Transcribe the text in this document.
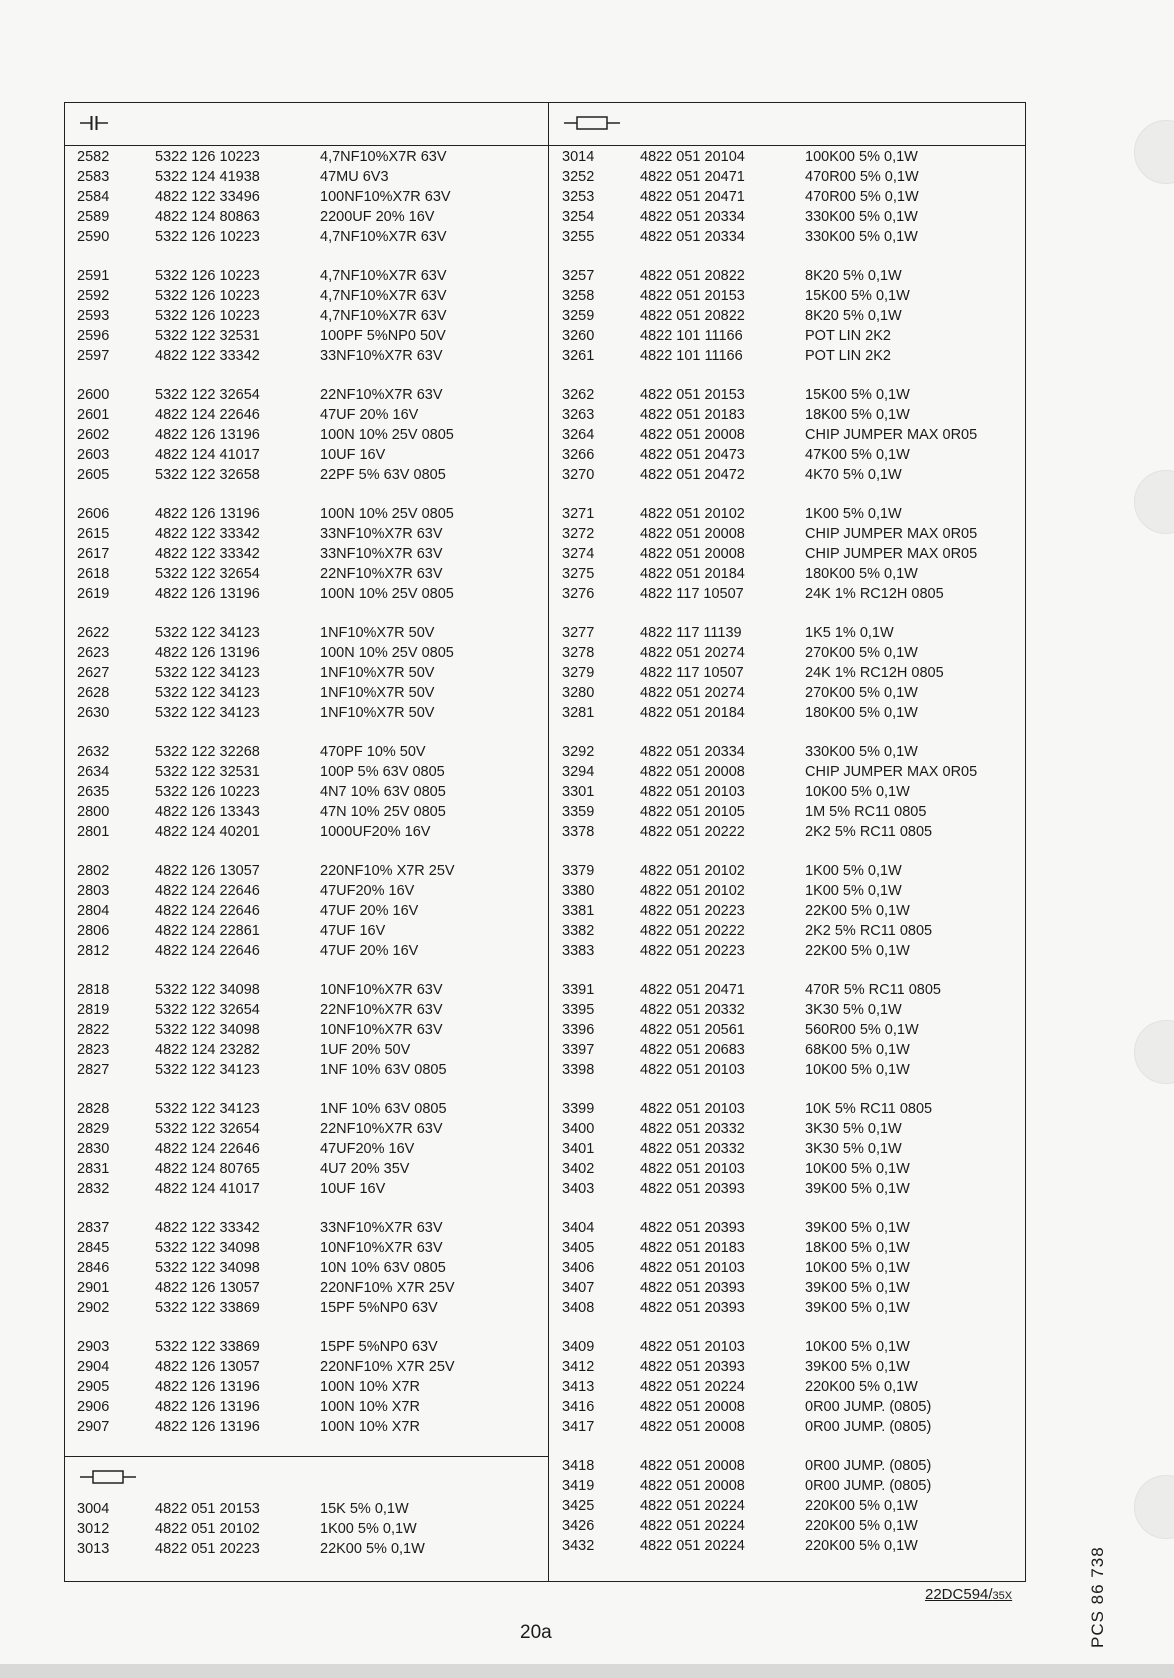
2582	5322 126 10223	4,7NF10%X7R 63V
2583	5322 124 41938	47MU 6V3
2584	4822 122 33496	100NF10%X7R 63V
2589	4822 124 80863	2200UF 20% 16V
2590	5322 126 10223	4,7NF10%X7R 63V
2591	5322 126 10223	4,7NF10%X7R 63V
2592	5322 126 10223	4,7NF10%X7R 63V
2593	5322 126 10223	4,7NF10%X7R 63V
2596	5322 122 32531	100PF 5%NP0 50V
2597	4822 122 33342	33NF10%X7R 63V
2600	5322 122 32654	22NF10%X7R 63V
2601	4822 124 22646	47UF 20% 16V
2602	4822 126 13196	100N 10% 25V 0805
2603	4822 124 41017	10UF 16V
2605	5322 122 32658	22PF 5% 63V 0805
2606	4822 126 13196	100N 10% 25V 0805
2615	4822 122 33342	33NF10%X7R 63V
2617	4822 122 33342	33NF10%X7R 63V
2618	5322 122 32654	22NF10%X7R 63V
2619	4822 126 13196	100N 10% 25V 0805
2622	5322 122 34123	1NF10%X7R 50V
2623	4822 126 13196	100N 10% 25V 0805
2627	5322 122 34123	1NF10%X7R 50V
2628	5322 122 34123	1NF10%X7R 50V
2630	5322 122 34123	1NF10%X7R 50V
2632	5322 122 32268	470PF 10% 50V
2634	5322 122 32531	100P 5% 63V 0805
2635	5322 126 10223	4N7 10% 63V 0805
2800	4822 126 13343	47N 10% 25V 0805
2801	4822 124 40201	1000UF20% 16V
2802	4822 126 13057	220NF10% X7R 25V
2803	4822 124 22646	47UF20% 16V
2804	4822 124 22646	47UF 20% 16V
2806	4822 124 22861	47UF 16V
2812	4822 124 22646	47UF 20% 16V
2818	5322 122 34098	10NF10%X7R 63V
2819	5322 122 32654	22NF10%X7R 63V
2822	5322 122 34098	10NF10%X7R 63V
2823	4822 124 23282	1UF 20% 50V
2827	5322 122 34123	1NF 10% 63V 0805
2828	5322 122 34123	1NF 10% 63V 0805
2829	5322 122 32654	22NF10%X7R 63V
2830	4822 124 22646	47UF20% 16V
2831	4822 124 80765	4U7 20% 35V
2832	4822 124 41017	10UF 16V
2837	4822 122 33342	33NF10%X7R 63V
2845	5322 122 34098	10NF10%X7R 63V
2846	5322 122 34098	10N 10% 63V 0805
2901	4822 126 13057	220NF10% X7R 25V
2902	5322 122 33869	15PF 5%NP0 63V
2903	5322 122 33869	15PF 5%NP0 63V
2904	4822 126 13057	220NF10% X7R 25V
2905	4822 126 13196	100N 10% X7R
2906	4822 126 13196	100N 10% X7R
2907	4822 126 13196	100N 10% X7R
3004	4822 051 20153	15K 5% 0,1W
3012	4822 051 20102	1K00 5% 0,1W
3013	4822 051 20223	22K00 5% 0,1W
3014	4822 051 20104	100K00 5% 0,1W
3252	4822 051 20471	470R00 5% 0,1W
3253	4822 051 20471	470R00 5% 0,1W
3254	4822 051 20334	330K00 5% 0,1W
3255	4822 051 20334	330K00 5% 0,1W
3257	4822 051 20822	8K20 5% 0,1W
3258	4822 051 20153	15K00 5% 0,1W
3259	4822 051 20822	8K20 5% 0,1W
3260	4822 101 11166	POT LIN 2K2
3261	4822 101 11166	POT LIN 2K2
3262	4822 051 20153	15K00 5% 0,1W
3263	4822 051 20183	18K00 5% 0,1W
3264	4822 051 20008	CHIP JUMPER MAX 0R05
3266	4822 051 20473	47K00 5% 0,1W
3270	4822 051 20472	4K70 5% 0,1W
3271	4822 051 20102	1K00 5% 0,1W
3272	4822 051 20008	CHIP JUMPER MAX 0R05
3274	4822 051 20008	CHIP JUMPER MAX 0R05
3275	4822 051 20184	180K00 5% 0,1W
3276	4822 117 10507	24K 1% RC12H 0805
3277	4822 117 11139	1K5 1% 0,1W
3278	4822 051 20274	270K00 5% 0,1W
3279	4822 117 10507	24K 1% RC12H 0805
3280	4822 051 20274	270K00 5% 0,1W
3281	4822 051 20184	180K00 5% 0,1W
3292	4822 051 20334	330K00 5% 0,1W
3294	4822 051 20008	CHIP JUMPER MAX 0R05
3301	4822 051 20103	10K00 5% 0,1W
3359	4822 051 20105	1M 5% RC11 0805
3378	4822 051 20222	2K2 5% RC11 0805
3379	4822 051 20102	1K00 5% 0,1W
3380	4822 051 20102	1K00 5% 0,1W
3381	4822 051 20223	22K00 5% 0,1W
3382	4822 051 20222	2K2 5% RC11 0805
3383	4822 051 20223	22K00 5% 0,1W
3391	4822 051 20471	470R 5% RC11 0805
3395	4822 051 20332	3K30 5% 0,1W
3396	4822 051 20561	560R00 5% 0,1W
3397	4822 051 20683	68K00 5% 0,1W
3398	4822 051 20103	10K00 5% 0,1W
3399	4822 051 20103	10K 5% RC11 0805
3400	4822 051 20332	3K30 5% 0,1W
3401	4822 051 20332	3K30 5% 0,1W
3402	4822 051 20103	10K00 5% 0,1W
3403	4822 051 20393	39K00 5% 0,1W
3404	4822 051 20393	39K00 5% 0,1W
3405	4822 051 20183	18K00 5% 0,1W
3406	4822 051 20103	10K00 5% 0,1W
3407	4822 051 20393	39K00 5% 0,1W
3408	4822 051 20393	39K00 5% 0,1W
3409	4822 051 20103	10K00 5% 0,1W
3412	4822 051 20393	39K00 5% 0,1W
3413	4822 051 20224	220K00 5% 0,1W
3416	4822 051 20008	0R00 JUMP. (0805)
3417	4822 051 20008	0R00 JUMP. (0805)
3418	4822 051 20008	0R00 JUMP. (0805)
3419	4822 051 20008	0R00 JUMP. (0805)
3425	4822 051 20224	220K00 5% 0,1W
3426	4822 051 20224	220K00 5% 0,1W
3432	4822 051 20224	220K00 5% 0,1W
22DC594/35X
20a	PCS 86 738
